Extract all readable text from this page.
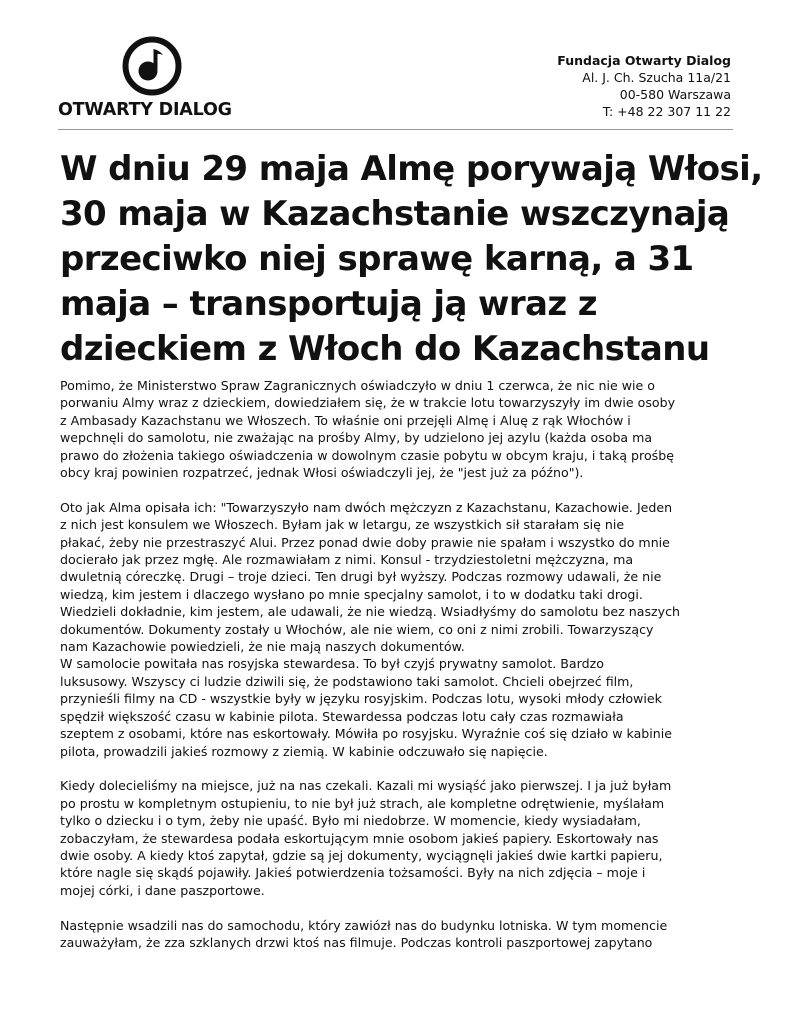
OTWARTY DIALOG
Fundacja Otwarty Dialog
Al. J. Ch. Szucha 11a/21
00-580 Warszawa
T: +48 22 307 11 22
W dniu 29 maja Almę porywają Włosi,
30 maja w Kazachstanie wszczynają
przeciwko niej sprawę karną, a 31
maja – transportują ją wraz z
dzieckiem z Włoch do Kazachstanu

Pomimo, że Ministerstwo Spraw Zagranicznych oświadczyło w dniu 1 czerwca, że nic nie wie o
porwaniu Almy wraz z dzieckiem, dowiedziałem się, że w trakcie lotu towarzyszyły im dwie osoby
z Ambasady Kazachstanu we Włoszech. To właśnie oni przejęli Almę i Aluę z rąk Włochów i
wepchnęli do samolotu, nie zważając na prośby Almy, by udzielono jej azylu (każda osoba ma
prawo do złożenia takiego oświadczenia w dowolnym czasie pobytu w obcym kraju, i taką prośbę
obcy kraj powinien rozpatrzeć, jednak Włosi oświadczyli jej, że "jest już za późno").

Oto jak Alma opisała ich: "Towarzyszyło nam dwóch mężczyzn z Kazachstanu, Kazachowie. Jeden
z nich jest konsulem we Włoszech. Byłam jak w letargu, ze wszystkich sił starałam się nie
płakać, żeby nie przestraszyć Alui. Przez ponad dwie doby prawie nie spałam i wszystko do mnie
docierało jak przez mgłę. Ale rozmawiałam z nimi. Konsul - trzydziestoletni mężczyzna, ma
dwuletnią córeczkę. Drugi – troje dzieci. Ten drugi był wyższy. Podczas rozmowy udawali, że nie
wiedzą, kim jestem i dlaczego wysłano po mnie specjalny samolot, i to w dodatku taki drogi.
Wiedzieli dokładnie, kim jestem, ale udawali, że nie wiedzą. Wsiadłyśmy do samolotu bez naszych
dokumentów. Dokumenty zostały u Włochów, ale nie wiem, co oni z nimi zrobili. Towarzyszący
nam Kazachowie powiedzieli, że nie mają naszych dokumentów.

W samolocie powitała nas rosyjska stewardesa. To był czyjś prywatny samolot. Bardzo
luksusowy. Wszyscy ci ludzie dziwili się, że podstawiono taki samolot. Chcieli obejrzeć film,
przynieśli filmy na CD - wszystkie były w języku rosyjskim. Podczas lotu, wysoki młody człowiek
spędził większość czasu w kabinie pilota. Stewardessa podczas lotu cały czas rozmawiała
szeptem z osobami, które nas eskortowały. Mówiła po rosyjsku. Wyraźnie coś się działo w kabinie
pilota, prowadzili jakieś rozmowy z ziemią. W kabinie odczuwało się napięcie.

Kiedy dolecieliśmy na miejsce, już na nas czekali. Kazali mi wysiąść jako pierwszej. I ja już byłam
po prostu w kompletnym ostupieniu, to nie był już strach, ale kompletne odrętwienie, myślałam
tylko o dziecku i o tym, żeby nie upaść. Było mi niedobrze. W momencie, kiedy wysiadałam,
zobaczyłam, że stewardesa podała eskortującym mnie osobom jakieś papiery. Eskortowały nas
dwie osoby. A kiedy ktoś zapytał, gdzie są jej dokumenty, wyciągnęli jakieś dwie kartki papieru,
które nagle się skądś pojawiły. Jakieś potwierdzenia tożsamości. Były na nich zdjęcia – moje i
mojej córki, i dane paszportowe.

Następnie wsadzili nas do samochodu, który zawiózł nas do budynku lotniska. W tym momencie
zauważyłam, że zza szklanych drzwi ktoś nas filmuje. Podczas kontroli paszportowej zapytano
